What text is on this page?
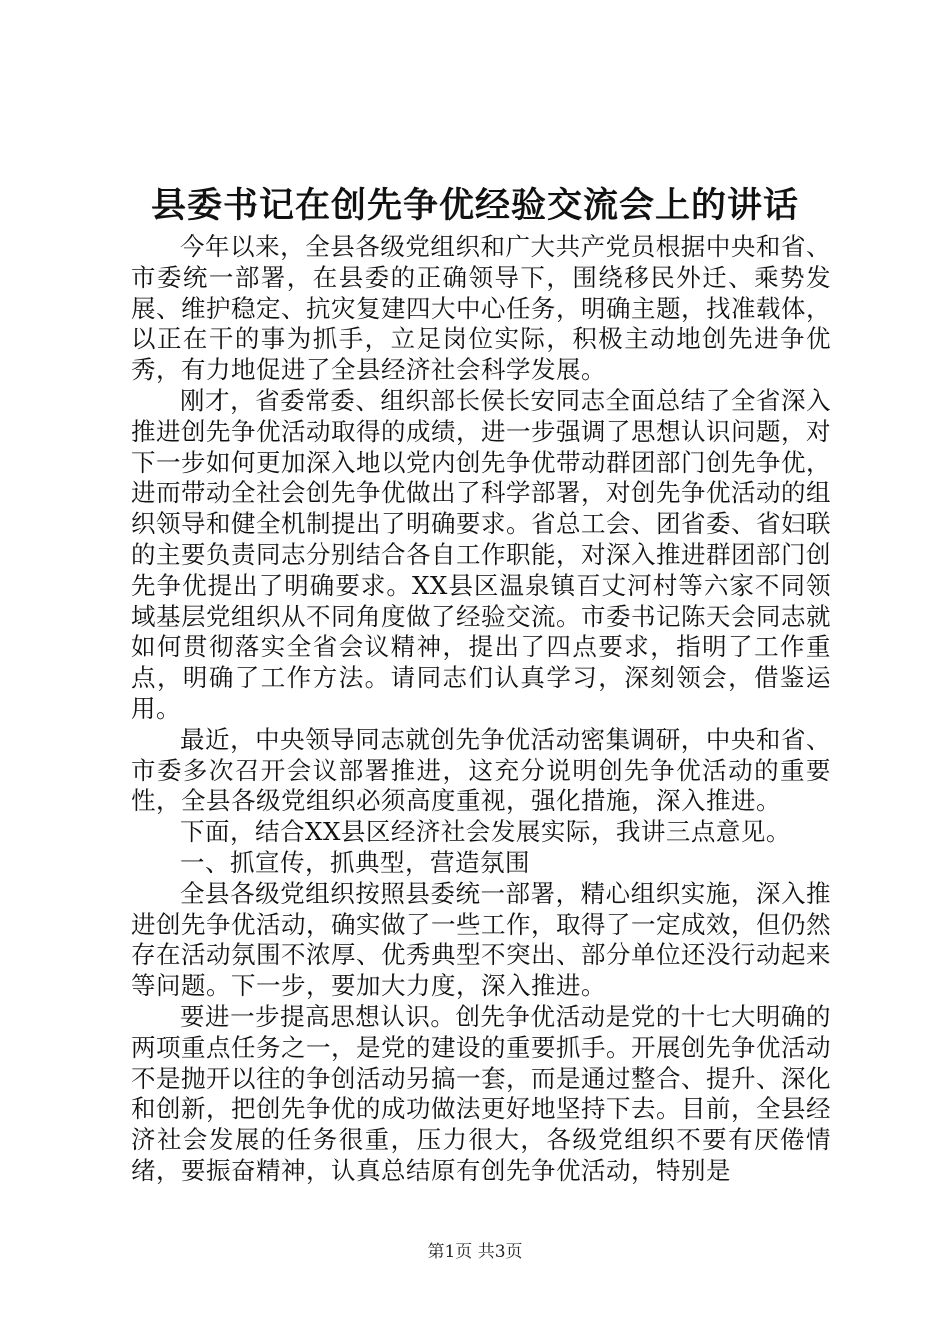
县委书记在创先争优经验交流会上的讲话

今年以来，全县各级党组织和广大共产党员根据中央和省、市委统一部署，在县委的正确领导下，围绕移民外迁、乘势发展、维护稳定、抗灾复建四大中心任务，明确主题，找准载体，以正在干的事为抓手，立足岗位实际，积极主动地创先进争优秀，有力地促进了全县经济社会科学发展。

刚才，省委常委、组织部长侯长安同志全面总结了全省深入推进创先争优活动取得的成绩，进一步强调了思想认识问题，对下一步如何更加深入地以党内创先争优带动群团部门创先争优，进而带动全社会创先争优做出了科学部署，对创先争优活动的组织领导和健全机制提出了明确要求。省总工会、团省委、省妇联的主要负责同志分别结合各自工作职能，对深入推进群团部门创先争优提出了明确要求。XX县区温泉镇百丈河村等六家不同领域基层党组织从不同角度做了经验交流。市委书记陈天会同志就如何贯彻落实全省会议精神，提出了四点要求，指明了工作重点，明确了工作方法。请同志们认真学习，深刻领会，借鉴运用。

最近，中央领导同志就创先争优活动密集调研，中央和省、市委多次召开会议部署推进，这充分说明创先争优活动的重要性，全县各级党组织必须高度重视，强化措施，深入推进。

下面，结合XX县区经济社会发展实际，我讲三点意见。

一、抓宣传，抓典型，营造氛围

全县各级党组织按照县委统一部署，精心组织实施，深入推进创先争优活动，确实做了一些工作，取得了一定成效，但仍然存在活动氛围不浓厚、优秀典型不突出、部分单位还没行动起来等问题。下一步，要加大力度，深入推进。

要进一步提高思想认识。创先争优活动是党的十七大明确的两项重点任务之一，是党的建设的重要抓手。开展创先争优活动不是抛开以往的争创活动另搞一套，而是通过整合、提升、深化和创新，把创先争优的成功做法更好地坚持下去。目前，全县经济社会发展的任务很重，压力很大，各级党组织不要有厌倦情绪，要振奋精神，认真总结原有创先争优活动，特别是

第1页 共3页
